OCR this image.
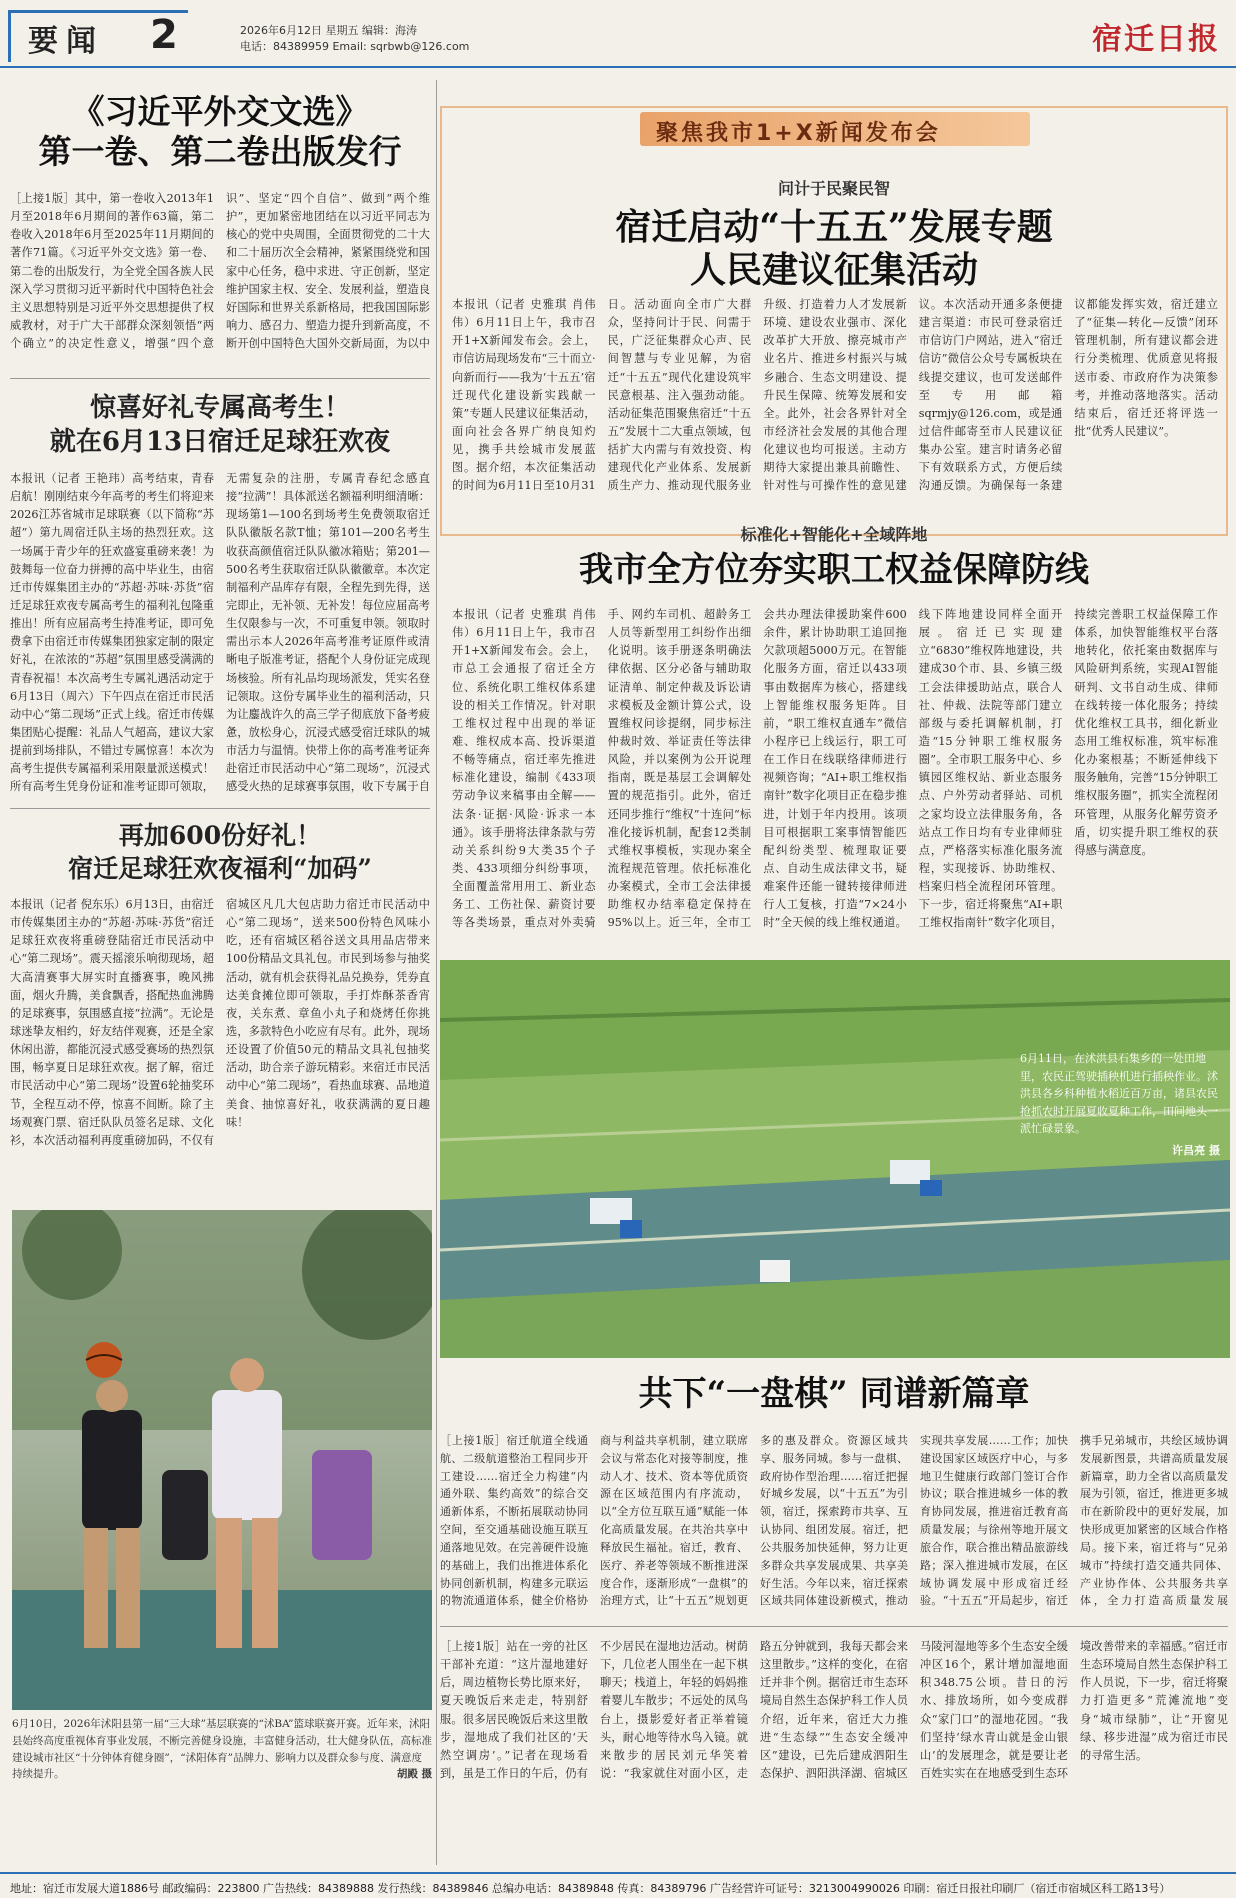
要闻 2	2026年6月12日 星期五 编辑：海涛
电话：84389959 Email: sqrbwb@126.com	宿迁日报
《习近平外交文选》
第一卷、第二卷出版发行
［上接1版］其中，第一卷收入2013年1月至2018年6月期间的著作63篇，第二卷收入2018年6月至2025年11月期间的著作71篇。《习近平外交文选》第一卷、第二卷的出版发行，为全党全国各族人民深入学习贯彻习近平新时代中国特色社会主义思想特别是习近平外交思想提供了权威教材，对于广大干部群众深刻领悟“两个确立”的决定性意义，增强“四个意识”、坚定“四个自信”、做到“两个维护”，更加紧密地团结在以习近平同志为核心的党中央周围，全面贯彻党的二十大和二十届历次全会精神，紧紧围绕党和国家中心任务，稳中求进、守正创新，坚定维护国家主权、安全、发展利益，塑造良好国际和世界关系新格局，把我国国际影响力、感召力、塑造力提升到新高度，不断开创中国特色大国外交新局面，为以中
惊喜好礼专属高考生！
就在6月13日宿迁足球狂欢夜
本报讯（记者 王艳玮）高考结束，青春启航！刚刚结束今年高考的考生们将迎来2026江苏省城市足球联赛（以下简称“苏超”）第九周宿迁队主场的热烈狂欢。这一场属于青少年的狂欢盛宴重磅来袭！为鼓舞每一位奋力拼搏的高中毕业生，由宿迁市传媒集团主办的“苏超·苏味·苏货”宿迁足球狂欢夜专属高考生的福利礼包隆重推出！所有应届高考生持准考证，即可免费拿下由宿迁市传媒集团独家定制的限定好礼，在浓浓的“苏超”氛围里感受满满的青春祝福！本次高考生专属礼遇活动定于6月13日（周六）下午四点在宿迁市民活动中心“第二现场”正式上线。宿迁市传媒集团贴心提醒：礼品人气超高，建议大家提前到场排队，不错过专属惊喜！本次为高考生提供专属福利采用限量派送模式！所有高考生凭身份证和准考证即可领取，无需复杂的注册，专属青春纪念感直接“拉满”！具体派送名额福利明细清晰：现场第1—100名到场考生免费领取宿迁队队徽版名款T恤；第101—200名考生收获高颜值宿迁队队徽冰箱贴；第201—500名考生获取宿迁队队徽徽章。本次定制福利产品库存有限，全程先到先得，送完即止，无补领、无补发！每位应届高考生仅限参与一次，不可重复申领。领取时需出示本人2026年高考准考证原件或清晰电子版准考证，搭配个人身份证完成现场核验。所有礼品均现场派发，凭实名登记领取。这份专属毕业生的福利活动，只为让鏖战许久的高三学子彻底放下备考疲惫，放松身心，沉浸式感受宿迁球队的城市活力与温情。快带上你的高考准考证奔赴宿迁市民活动中心“第二现场”，沉浸式感受火热的足球赛事氛围，收下专属于自
再加600份好礼！
宿迁足球狂欢夜福利“加码”
本报讯（记者 倪东乐）6月13日，由宿迁市传媒集团主办的“苏超·苏味·苏货”宿迁足球狂欢夜将重磅登陆宿迁市民活动中心“第二现场”。震天摇滚乐响彻现场，超大高清赛事大屏实时直播赛事，晚风拂面，烟火升腾，美食飘香，搭配热血沸腾的足球赛事，氛围感直接“拉满”。无论是球迷挚友相约，好友结伴观赛，还是全家休闲出游，都能沉浸式感受赛场的热烈氛围，畅享夏日足球狂欢夜。据了解，宿迁市民活动中心“第二现场”设置6轮抽奖环节，全程互动不停，惊喜不间断。除了主场观赛门票、宿迁队队员签名足球、文化衫，本次活动福利再度重磅加码，不仅有宿城区凡几大包店助力宿迁市民活动中心“第二现场”，送来500份特色风味小吃，还有宿城区稻谷送文具用品店带来100份精品文具礼包。市民到场参与抽奖活动，就有机会获得礼品兑换券，凭券直达美食摊位即可领取，手打炸酥茶香宵夜，关东煮、章鱼小丸子和烧烤任你挑选，多款特色小吃应有尽有。此外，现场还设置了价值50元的精品文具礼包抽奖活动，助合亲子游玩精彩。来宿迁市民活动中心“第二现场”，看热血球赛、品地道美食、抽惊喜好礼，收获满满的夏日趣味！
6月10日，2026年沭阳县第一届“三大球”基层联赛的“沭BA”篮球联赛开赛。近年来，沭阳县始终高度重视体育事业发展，不断完善健身设施，丰富健身活动，壮大健身队伍，高标准建设城市社区“十分钟体育健身圈”，“沭阳体育”品牌力、影响力以及群众参与度、满意度持续提升。	胡殿 摄
聚焦我市1+X新闻发布会
问计于民聚民智
宿迁启动“十五五”发展专题
人民建议征集活动
本报讯（记者 史雅琪 肖伟伟）6月11日上午，我市召开1+X新闻发布会。会上，市信访局现场发布“三十而立·向新而行——我为‘十五五’宿迁现代化建设新实践献一策”专题人民建议征集活动，面向社会各界广纳良知灼见，携手共绘城市发展蓝图。据介绍，本次征集活动的时间为6月11日至10月31日。活动面向全市广大群众，坚持问计于民、问需于民，广泛征集群众心声、民间智慧与专业见解，为宿迁“十五五”现代化建设筑牢民意根基、注入强劲动能。活动征集范围聚焦宿迁“十五五”发展十二大重点领域，包括扩大内需与有效投资、构建现代化产业体系、发展新质生产力、推动现代服务业升级、打造着力人才发展新环境、建设农业强市、深化改革扩大开放、擦亮城市产业名片、推进乡村振兴与城乡融合、生态文明建设、提升民生保障、统筹发展和安全。此外，社会各界针对全市经济社会发展的其他合理化建议也均可报送。主动方期待大家提出兼具前瞻性、针对性与可操作性的意见建议。本次活动开通多条便捷建言渠道：市民可登录宿迁市信访门户网站，进入“宿迁信访”微信公众号专属板块在线提交建议，也可发送邮件至专用邮箱sqrmjy@126.com，或是通过信件邮寄至市人民建议征集办公室。建言时请务必留下有效联系方式，方便后续沟通反馈。为确保每一条建议都能发挥实效，宿迁建立了“征集—转化—反馈”闭环管理机制，所有建议都会进行分类梳理、优质意见将报送市委、市政府作为决策参考，并推动落地落实。活动结束后，宿迁还将评选一批“优秀人民建议”。
标准化+智能化+全域阵地
我市全方位夯实职工权益保障防线
本报讯（记者 史雅琪 肖伟伟）6月11日上午，我市召开1+X新闻发布会。会上，市总工会通报了宿迁全方位、系统化职工维权体系建设的相关工作情况。针对职工维权过程中出现的举证难、维权成本高、投诉渠道不畅等痛点，宿迁率先推进标准化建设，编制《433项劳动争议来稿事由全解——法条·证据·风险·诉求一本通》。该手册将法律条款与劳动关系纠纷9大类35个子类、433项细分纠纷事项，全面覆盖常用用工、新业态务工、工伤社保、薪资讨要等各类场景，重点对外卖骑手、网约车司机、超龄务工人员等新型用工纠纷作出细化说明。该手册逐条明确法律依据、区分必备与辅助取证清单、制定仲裁及诉讼请求模板及金额计算公式，设置维权问诊提纲，同步标注仲裁时效、举证责任等法律风险，并以案例为公开说理指南，既是基层工会调解处置的规范指引。此外，宿迁还同步推行“维权”十连问“标准化接诉机制，配套12类制式维权事模板，实现办案全流程规范管理。依托标准化办案模式，全市工会法律援助维权办结率稳定保持在95%以上。近三年，全市工会共办理法律援助案件600余件，累计协助职工追回拖欠款项超5000万元。在智能化服务方面，宿迁以433项事由数据库为核心，搭建线上智能维权服务矩阵。目前，“职工维权直通车”微信小程序已上线运行，职工可在工作日在线联络律师进行视频咨询；“AI+职工维权指南针”数字化项目正在稳步推进，计划于年内投用。该项目可根据职工案事情智能匹配纠纷类型、梳理取证要点、自动生成法律文书，疑难案件还能一键转接律师进行人工复核，打造“7×24小时”全天候的线上维权通道。线下阵地建设同样全面开展。宿迁已实现建立“6830”维权阵地建设，共建成30个市、县、乡镇三级工会法律援助站点，联合人社、仲裁、法院等部门建立部级与委托调解机制，打造“15分钟职工维权服务圈”。全市职工服务中心、乡镇园区维权站、新业态服务点、户外劳动者驿站、司机之家均设立法律服务角，各站点工作日均有专业律师驻点，严格落实标准化服务流程，实现接诉、协助维权、档案归档全流程闭环管理。下一步，宿迁将聚焦“AI+职工维权指南针”数字化项目，持续完善职工权益保障工作体系，加快智能维权平台落地转化，依托案由数据库与风险研判系统，实现AI智能研判、文书自动生成、律师在线转接一体化服务；持续优化维权工具书，细化新业态用工维权标准，筑牢标准化办案根基；不断延伸线下服务触角，完善“15分钟职工维权服务圈”，抓实全流程闭环管理，从服务化解劳资矛盾，切实提升职工维权的获得感与满意度。
6月11日，在沭洪县石集乡的一处田地里，农民正驾驶插秧机进行插秧作业。沭洪县各乡科种植水稻近百万亩，诸县农民抢抓农时开展夏收夏种工作，田间地头一派忙碌景象。
许昌亮 摄
共下“一盘棋” 同谱新篇章
［上接1版］宿迁航道全线通航、二级航道整治工程同步开工建设……宿迁全力构建“内通外联、集约高效”的综合交通新体系，不断拓展联动协同空间，至交通基础设施互联互通落地见效。在完善硬件设施的基础上，我们出推进体系化协同创新机制，构建多元联运的物流通道体系，健全价格协商与利益共享机制，建立联席会议与常态化对接等制度，推动人才、技术、资本等优质资源在区域范围内有序流动，以“全方位互联互通”赋能一体化高质量发展。在共治共享中释放民生福祉。宿迁，教育、医疗、养老等领域不断推进深度合作，逐渐形成“一盘棋”的治理方式，让“十五五”规划更多的惠及群众。资源区域共享、服务同城。参与一盘棋、政府协作型治理……宿迁把握好城乡发展，以“十五五”为引领，宿迁，探索跨市共享、互认协同、组团发展。宿迁，把公共服务加快延伸，努力让更多群众共享发展成果、共享美好生活。今年以来，宿迁探索区域共同体建设新模式，推动实现共享发展……工作；加快建设国家区域医疗中心，与多地卫生健康行政部门签订合作协议；联合推进城乡一体的教育协同发展，推进宿迁教育高质量发展；与徐州等地开展文旅合作，联合推出精品旅游线路；深入推进城市发展，在区域协调发展中形成宿迁经验。“十五五”开局起步，宿迁携手兄弟城市，共绘区域协调发展新图景，共谱高质量发展新篇章，助力全省以高质量发展为引领，宿迁，推进更多城市在新阶段中的更好发展，加快形成更加紧密的区域合作格局。接下来，宿迁将与“兄弟城市”持续打造交通共同体、产业协作体、公共服务共享体，全力打造高质量发展
［上接1版］站在一旁的社区干部补充道：“这片湿地建好后，周边植物长势比原来好，夏天晚饭后来走走，特别舒服。很多居民晚饭后来这里散步，湿地成了我们社区的‘天然空调房’。”记者在现场看到，虽是工作日的午后，仍有不少居民在湿地边活动。树荫下，几位老人围坐在一起下棋聊天；栈道上，年轻的妈妈推着婴儿车散步；不远处的凤鸟台上，摄影爱好者正举着镜头，耐心地等待水鸟入镜。就来散步的居民刘元华笑着说：“我家就住对面小区，走路五分钟就到，我每天都会来这里散步。”这样的变化，在宿迁并非个例。据宿迁市生态环境局自然生态保护科工作人员介绍，近年来，宿迁大力推进“生态绿”“生态安全缓冲区”建设，已先后建成泗阳生态保护、泗阳洪泽湖、宿城区马陵河湿地等多个生态安全缓冲区16个，累计增加湿地面积348.75公顷。昔日的污水、排放场所，如今变成群众“家门口”的湿地花园。“我们坚持‘绿水青山就是金山银山’的发展理念，就是要让老百姓实实在在地感受到生态环境改善带来的幸福感。”宿迁市生态环境局自然生态保护科工作人员说，下一步，宿迁将聚力打造更多“荒滩流地”变身“城市绿肺”，让“开窗见绿、移步进湿”成为宿迁市民的寻常生活。
地址：宿迁市发展大道1886号 邮政编码：223800 广告热线：84389888 发行热线：84389846 总编办电话：84389848 传真：84389796 广告经营许可证号：3213004990026 印刷：宿迁日报社印刷厂（宿迁市宿城区科工路13号）
